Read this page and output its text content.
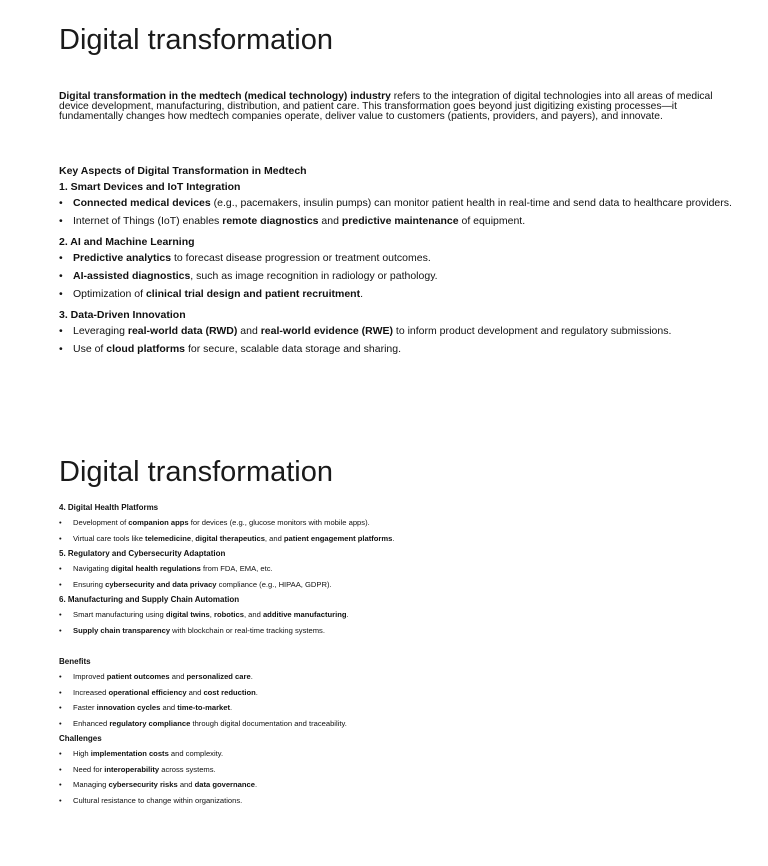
Digital transformation

Digital transformation in the medtech (medical technology) industry refers to the integration of digital technologies into all areas of medical device development, manufacturing, distribution, and patient care. This transformation goes beyond just digitizing existing processes—it fundamentally changes how medtech companies operate, deliver value to customers (patients, providers, and payers), and innovate.

Key Aspects of Digital Transformation in Medtech
1. Smart Devices and IoT Integration
• Connected medical devices (e.g., pacemakers, insulin pumps) can monitor patient health in real-time and send data to healthcare providers.
• Internet of Things (IoT) enables remote diagnostics and predictive maintenance of equipment.
2. AI and Machine Learning
• Predictive analytics to forecast disease progression or treatment outcomes.
• AI-assisted diagnostics, such as image recognition in radiology or pathology.
• Optimization of clinical trial design and patient recruitment.
3. Data-Driven Innovation
• Leveraging real-world data (RWD) and real-world evidence (RWE) to inform product development and regulatory submissions.
• Use of cloud platforms for secure, scalable data storage and sharing.
Digital transformation
4. Digital Health Platforms
• Development of companion apps for devices (e.g., glucose monitors with mobile apps).
• Virtual care tools like telemedicine, digital therapeutics, and patient engagement platforms.
5. Regulatory and Cybersecurity Adaptation
• Navigating digital health regulations from FDA, EMA, etc.
• Ensuring cybersecurity and data privacy compliance (e.g., HIPAA, GDPR).
6. Manufacturing and Supply Chain Automation
• Smart manufacturing using digital twins, robotics, and additive manufacturing.
• Supply chain transparency with blockchain or real-time tracking systems.
Benefits
• Improved patient outcomes and personalized care.
• Increased operational efficiency and cost reduction.
• Faster innovation cycles and time-to-market.
• Enhanced regulatory compliance through digital documentation and traceability.
Challenges
• High implementation costs and complexity.
• Need for interoperability across systems.
• Managing cybersecurity risks and data governance.
• Cultural resistance to change within organizations.
